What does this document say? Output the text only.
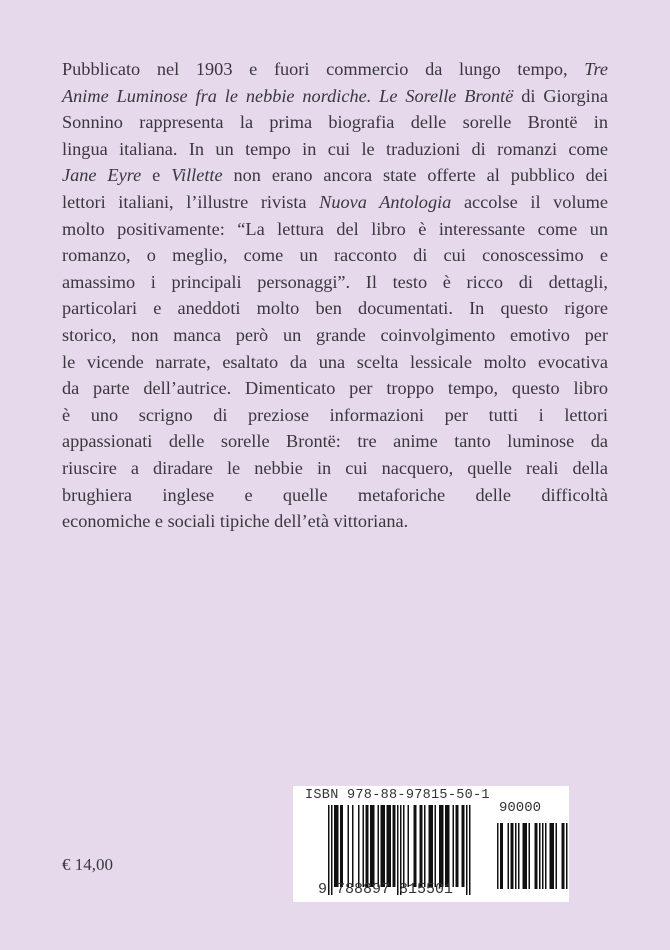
Pubblicato nel 1903 e fuori commercio da lungo tempo, Tre
Anime Luminose fra le nebbie nordiche. Le Sorelle Brontë di Giorgina
Sonnino rappresenta la prima biografia delle sorelle Brontë in
lingua italiana. In un tempo in cui le traduzioni di romanzi come
Jane Eyre e Villette non erano ancora state offerte al pubblico dei
lettori italiani, l’illustre rivista Nuova Antologia accolse il volume
molto positivamente: “La lettura del libro è interessante come un
romanzo, o meglio, come un racconto di cui conoscessimo e
amassimo i principali personaggi”. Il testo è ricco di dettagli,
particolari e aneddoti molto ben documentati. In questo rigore
storico, non manca però un grande coinvolgimento emotivo per
le vicende narrate, esaltato da una scelta lessicale molto evocativa
da parte dell’autrice. Dimenticato per troppo tempo, questo libro
è uno scrigno di preziose informazioni per tutti i lettori
appassionati delle sorelle Brontë: tre anime tanto luminose da
riuscire a diradare le nebbie in cui nacquero, quelle reali della
brughiera inglese e quelle metaforiche delle difficoltà
economiche e sociali tipiche dell’età vittoriana.
ISBN 978-88-97815-50-1
90000
9 788897 815501
€ 14,00
